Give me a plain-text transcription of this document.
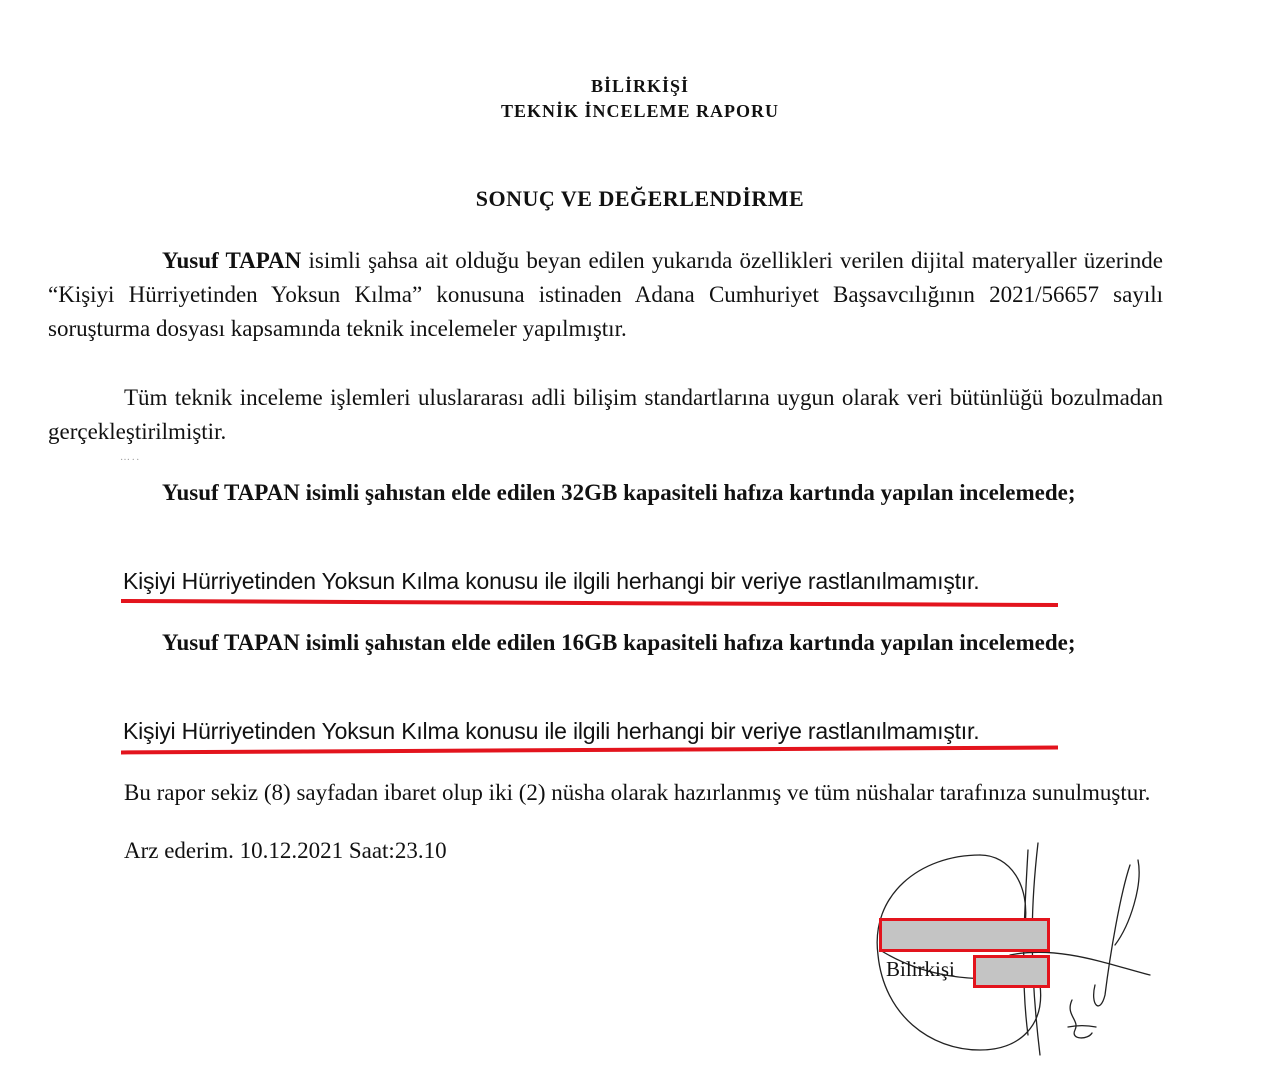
BİLİRKİŞİ
TEKNİK İNCELEME RAPORU
SONUÇ VE DEĞERLENDİRME
Yusuf TAPAN isimli şahsa ait olduğu beyan edilen yukarıda özellikleri verilen dijital materyaller üzerinde “Kişiyi Hürriyetinden Yoksun Kılma” konusuna istinaden Adana Cumhuriyet Başsavcılığının 2021/56657 sayılı soruşturma dosyası kapsamında teknik incelemeler yapılmıştır.
Tüm teknik inceleme işlemleri uluslararası adli bilişim standartlarına uygun olarak veri bütünlüğü bozulmadan gerçekleştirilmiştir.
…..
Yusuf TAPAN isimli şahıstan elde edilen 32GB kapasiteli hafıza kartında yapılan incelemede;
Kişiyi Hürriyetinden Yoksun Kılma konusu ile ilgili herhangi bir veriye rastlanılmamıştır.
Yusuf TAPAN isimli şahıstan elde edilen 16GB kapasiteli hafıza kartında yapılan incelemede;
Kişiyi Hürriyetinden Yoksun Kılma konusu ile ilgili herhangi bir veriye rastlanılmamıştır.
Bu rapor sekiz (8) sayfadan ibaret olup iki (2) nüsha olarak hazırlanmış ve tüm nüshalar tarafınıza sunulmuştur.
Arz ederim. 10.12.2021 Saat:23.10
Bilirkişi
